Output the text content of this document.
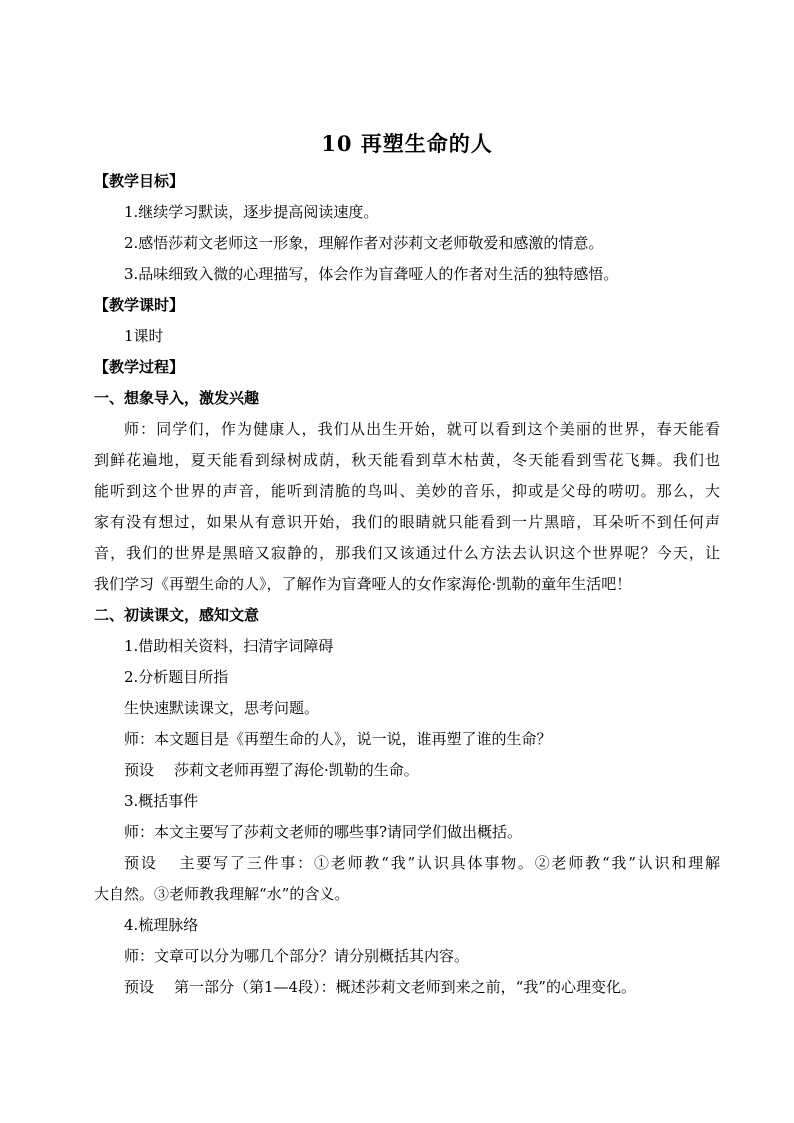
10 再塑生命的人
【教学目标】
1.继续学习默读，逐步提高阅读速度。
2.感悟莎莉文老师这一形象，理解作者对莎莉文老师敬爱和感激的情意。
3.品味细致入微的心理描写，体会作为盲聋哑人的作者对生活的独特感悟。
【教学课时】
1课时
【教学过程】
一、想象导入，激发兴趣
师：同学们，作为健康人，我们从出生开始，就可以看到这个美丽的世界，春天能看
到鲜花遍地，夏天能看到绿树成荫，秋天能看到草木枯黄，冬天能看到雪花飞舞。我们也
能听到这个世界的声音，能听到清脆的鸟叫、美妙的音乐，抑或是父母的唠叨。那么，大
家有没有想过，如果从有意识开始，我们的眼睛就只能看到一片黑暗，耳朵听不到任何声
音，我们的世界是黑暗又寂静的，那我们又该通过什么方法去认识这个世界呢？今天，让
我们学习《再塑生命的人》，了解作为盲聋哑人的女作家海伦·凯勒的童年生活吧！
二、初读课文，感知文意
1.借助相关资料，扫清字词障碍
2.分析题目所指
生快速默读课文，思考问题。
师：本文题目是《再塑生命的人》，说一说，谁再塑了谁的生命？
预设 莎莉文老师再塑了海伦·凯勒的生命。
3.概括事件
师：本文主要写了莎莉文老师的哪些事?请同学们做出概括。
预设 主要写了三件事：①老师教“我”认识具体事物。②老师教“我”认识和理解
大自然。③老师教我理解“水”的含义。
4.梳理脉络
师：文章可以分为哪几个部分？请分别概括其内容。
预设 第一部分（第1—4段）：概述莎莉文老师到来之前，“我”的心理变化。
